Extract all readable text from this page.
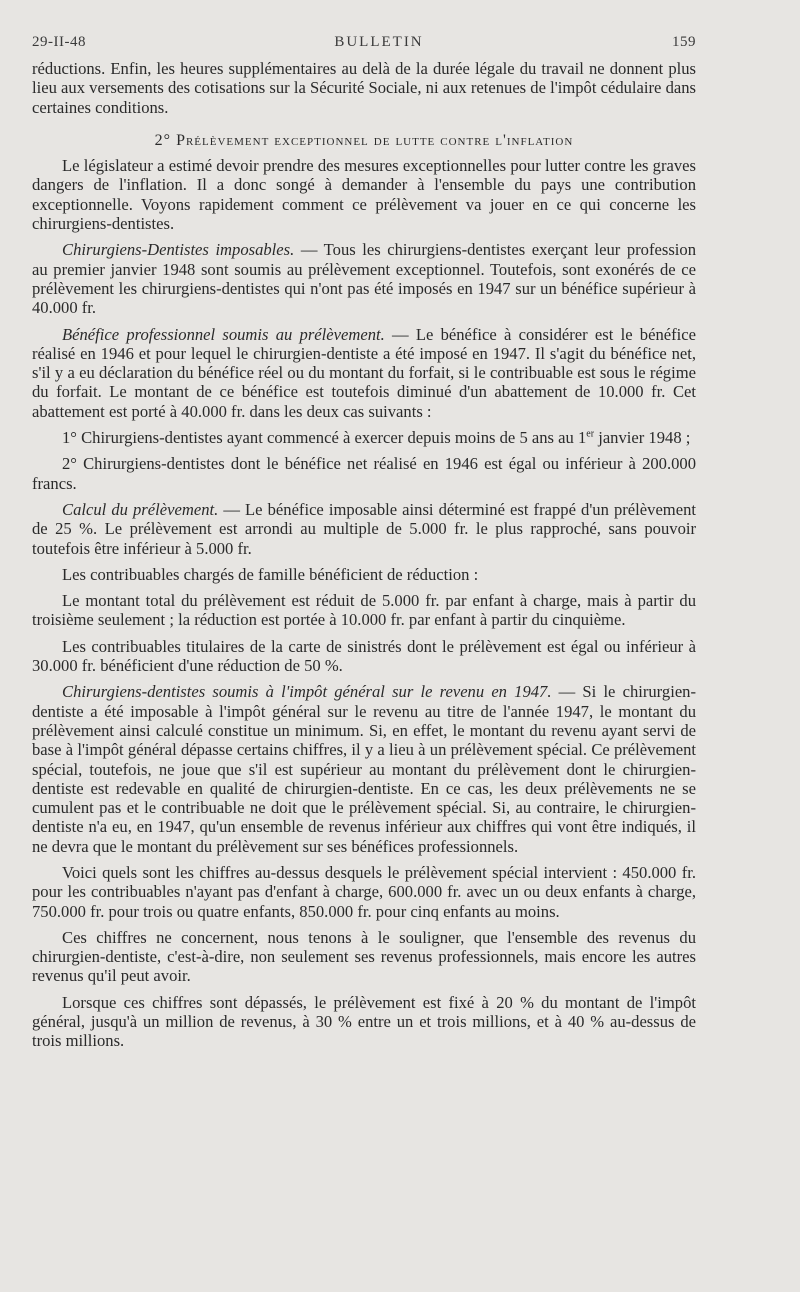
29-II-48	BULLETIN	159

réductions. Enfin, les heures supplémentaires au delà de la durée légale du travail ne donnent plus lieu aux versements des cotisations sur la Sécurité Sociale, ni aux retenues de l'impôt cédulaire dans certaines conditions.

2° Prélèvement exceptionnel de lutte contre l'inflation

Le législateur a estimé devoir prendre des mesures exceptionnelles pour lutter contre les graves dangers de l'inflation. Il a donc songé à demander à l'ensemble du pays une contribution exceptionnelle. Voyons rapidement comment ce prélèvement va jouer en ce qui concerne les chirurgiens-dentistes.

Chirurgiens-Dentistes imposables. — Tous les chirurgiens-dentistes exerçant leur profession au premier janvier 1948 sont soumis au prélèvement exceptionnel. Toutefois, sont exonérés de ce prélèvement les chirurgiens-dentistes qui n'ont pas été imposés en 1947 sur un bénéfice supérieur à 40.000 fr.

Bénéfice professionnel soumis au prélèvement. — Le bénéfice à considérer est le bénéfice réalisé en 1946 et pour lequel le chirurgien-dentiste a été imposé en 1947. Il s'agit du bénéfice net, s'il y a eu déclaration du bénéfice réel ou du montant du forfait, si le contribuable est sous le régime du forfait. Le montant de ce bénéfice est toutefois diminué d'un abattement de 10.000 fr. Cet abattement est porté à 40.000 fr. dans les deux cas suivants :

1° Chirurgiens-dentistes ayant commencé à exercer depuis moins de 5 ans au 1er janvier 1948 ;

2° Chirurgiens-dentistes dont le bénéfice net réalisé en 1946 est égal ou inférieur à 200.000 francs.

Calcul du prélèvement. — Le bénéfice imposable ainsi déterminé est frappé d'un prélèvement de 25 %. Le prélèvement est arrondi au multiple de 5.000 fr. le plus rapproché, sans pouvoir toutefois être inférieur à 5.000 fr.

Les contribuables chargés de famille bénéficient de réduction :

Le montant total du prélèvement est réduit de 5.000 fr. par enfant à charge, mais à partir du troisième seulement ; la réduction est portée à 10.000 fr. par enfant à partir du cinquième.

Les contribuables titulaires de la carte de sinistrés dont le prélèvement est égal ou inférieur à 30.000 fr. bénéficient d'une réduction de 50 %.

Chirurgiens-dentistes soumis à l'impôt général sur le revenu en 1947. — Si le chirurgien-dentiste a été imposable à l'impôt général sur le revenu au titre de l'année 1947, le montant du prélèvement ainsi calculé constitue un minimum. Si, en effet, le montant du revenu ayant servi de base à l'impôt général dépasse certains chiffres, il y a lieu à un prélèvement spécial. Ce prélèvement spécial, toutefois, ne joue que s'il est supérieur au montant du prélèvement dont le chirurgien-dentiste est redevable en qualité de chirurgien-dentiste. En ce cas, les deux prélèvements ne se cumulent pas et le contribuable ne doit que le prélèvement spécial. Si, au contraire, le chirurgien-dentiste n'a eu, en 1947, qu'un ensemble de revenus inférieur aux chiffres qui vont être indiqués, il ne devra que le montant du prélèvement sur ses bénéfices professionnels.

Voici quels sont les chiffres au-dessus desquels le prélèvement spécial intervient : 450.000 fr. pour les contribuables n'ayant pas d'enfant à charge, 600.000 fr. avec un ou deux enfants à charge, 750.000 fr. pour trois ou quatre enfants, 850.000 fr. pour cinq enfants au moins.

Ces chiffres ne concernent, nous tenons à le souligner, que l'ensemble des revenus du chirurgien-dentiste, c'est-à-dire, non seulement ses revenus professionnels, mais encore les autres revenus qu'il peut avoir.

Lorsque ces chiffres sont dépassés, le prélèvement est fixé à 20 % du montant de l'impôt général, jusqu'à un million de revenus, à 30 % entre un et trois millions, et à 40 % au-dessus de trois millions.
